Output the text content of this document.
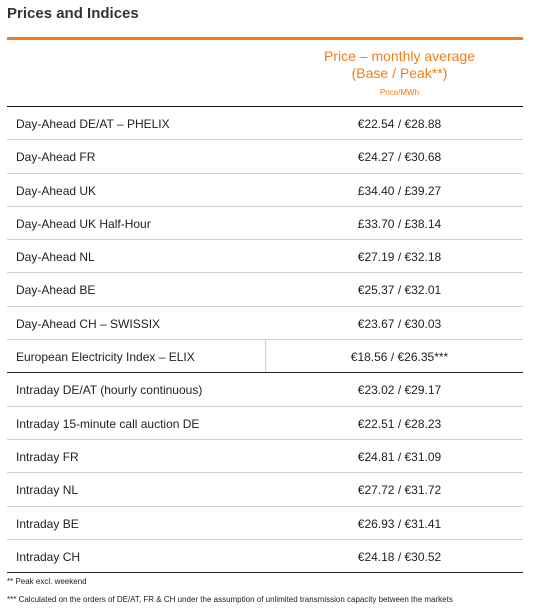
Prices and Indices
Price – monthly average
(Base / Peak**)
Price/MWh
Day-Ahead DE/AT – PHELIX	€22.54 / €28.88
Day-Ahead FR	€24.27 / €30.68
Day-Ahead UK	£34.40 / £39.27
Day-Ahead UK Half-Hour	£33.70 / £38.14
Day-Ahead NL	€27.19 / €32.18
Day-Ahead BE	€25.37 / €32.01
Day-Ahead CH – SWISSIX	€23.67 / €30.03
European Electricity Index – ELIX	€18.56 / €26.35***
Intraday DE/AT (hourly continuous)	€23.02 / €29.17
Intraday 15-minute call auction DE	€22.51 / €28.23
Intraday FR	€24.81 / €31.09
Intraday NL	€27.72 / €31.72
Intraday BE	€26.93 / €31.41
Intraday CH	€24.18 / €30.52
** Peak excl. weekend
*** Calculated on the orders of DE/AT, FR & CH under the assumption of unlimited transmission capacity between the markets
